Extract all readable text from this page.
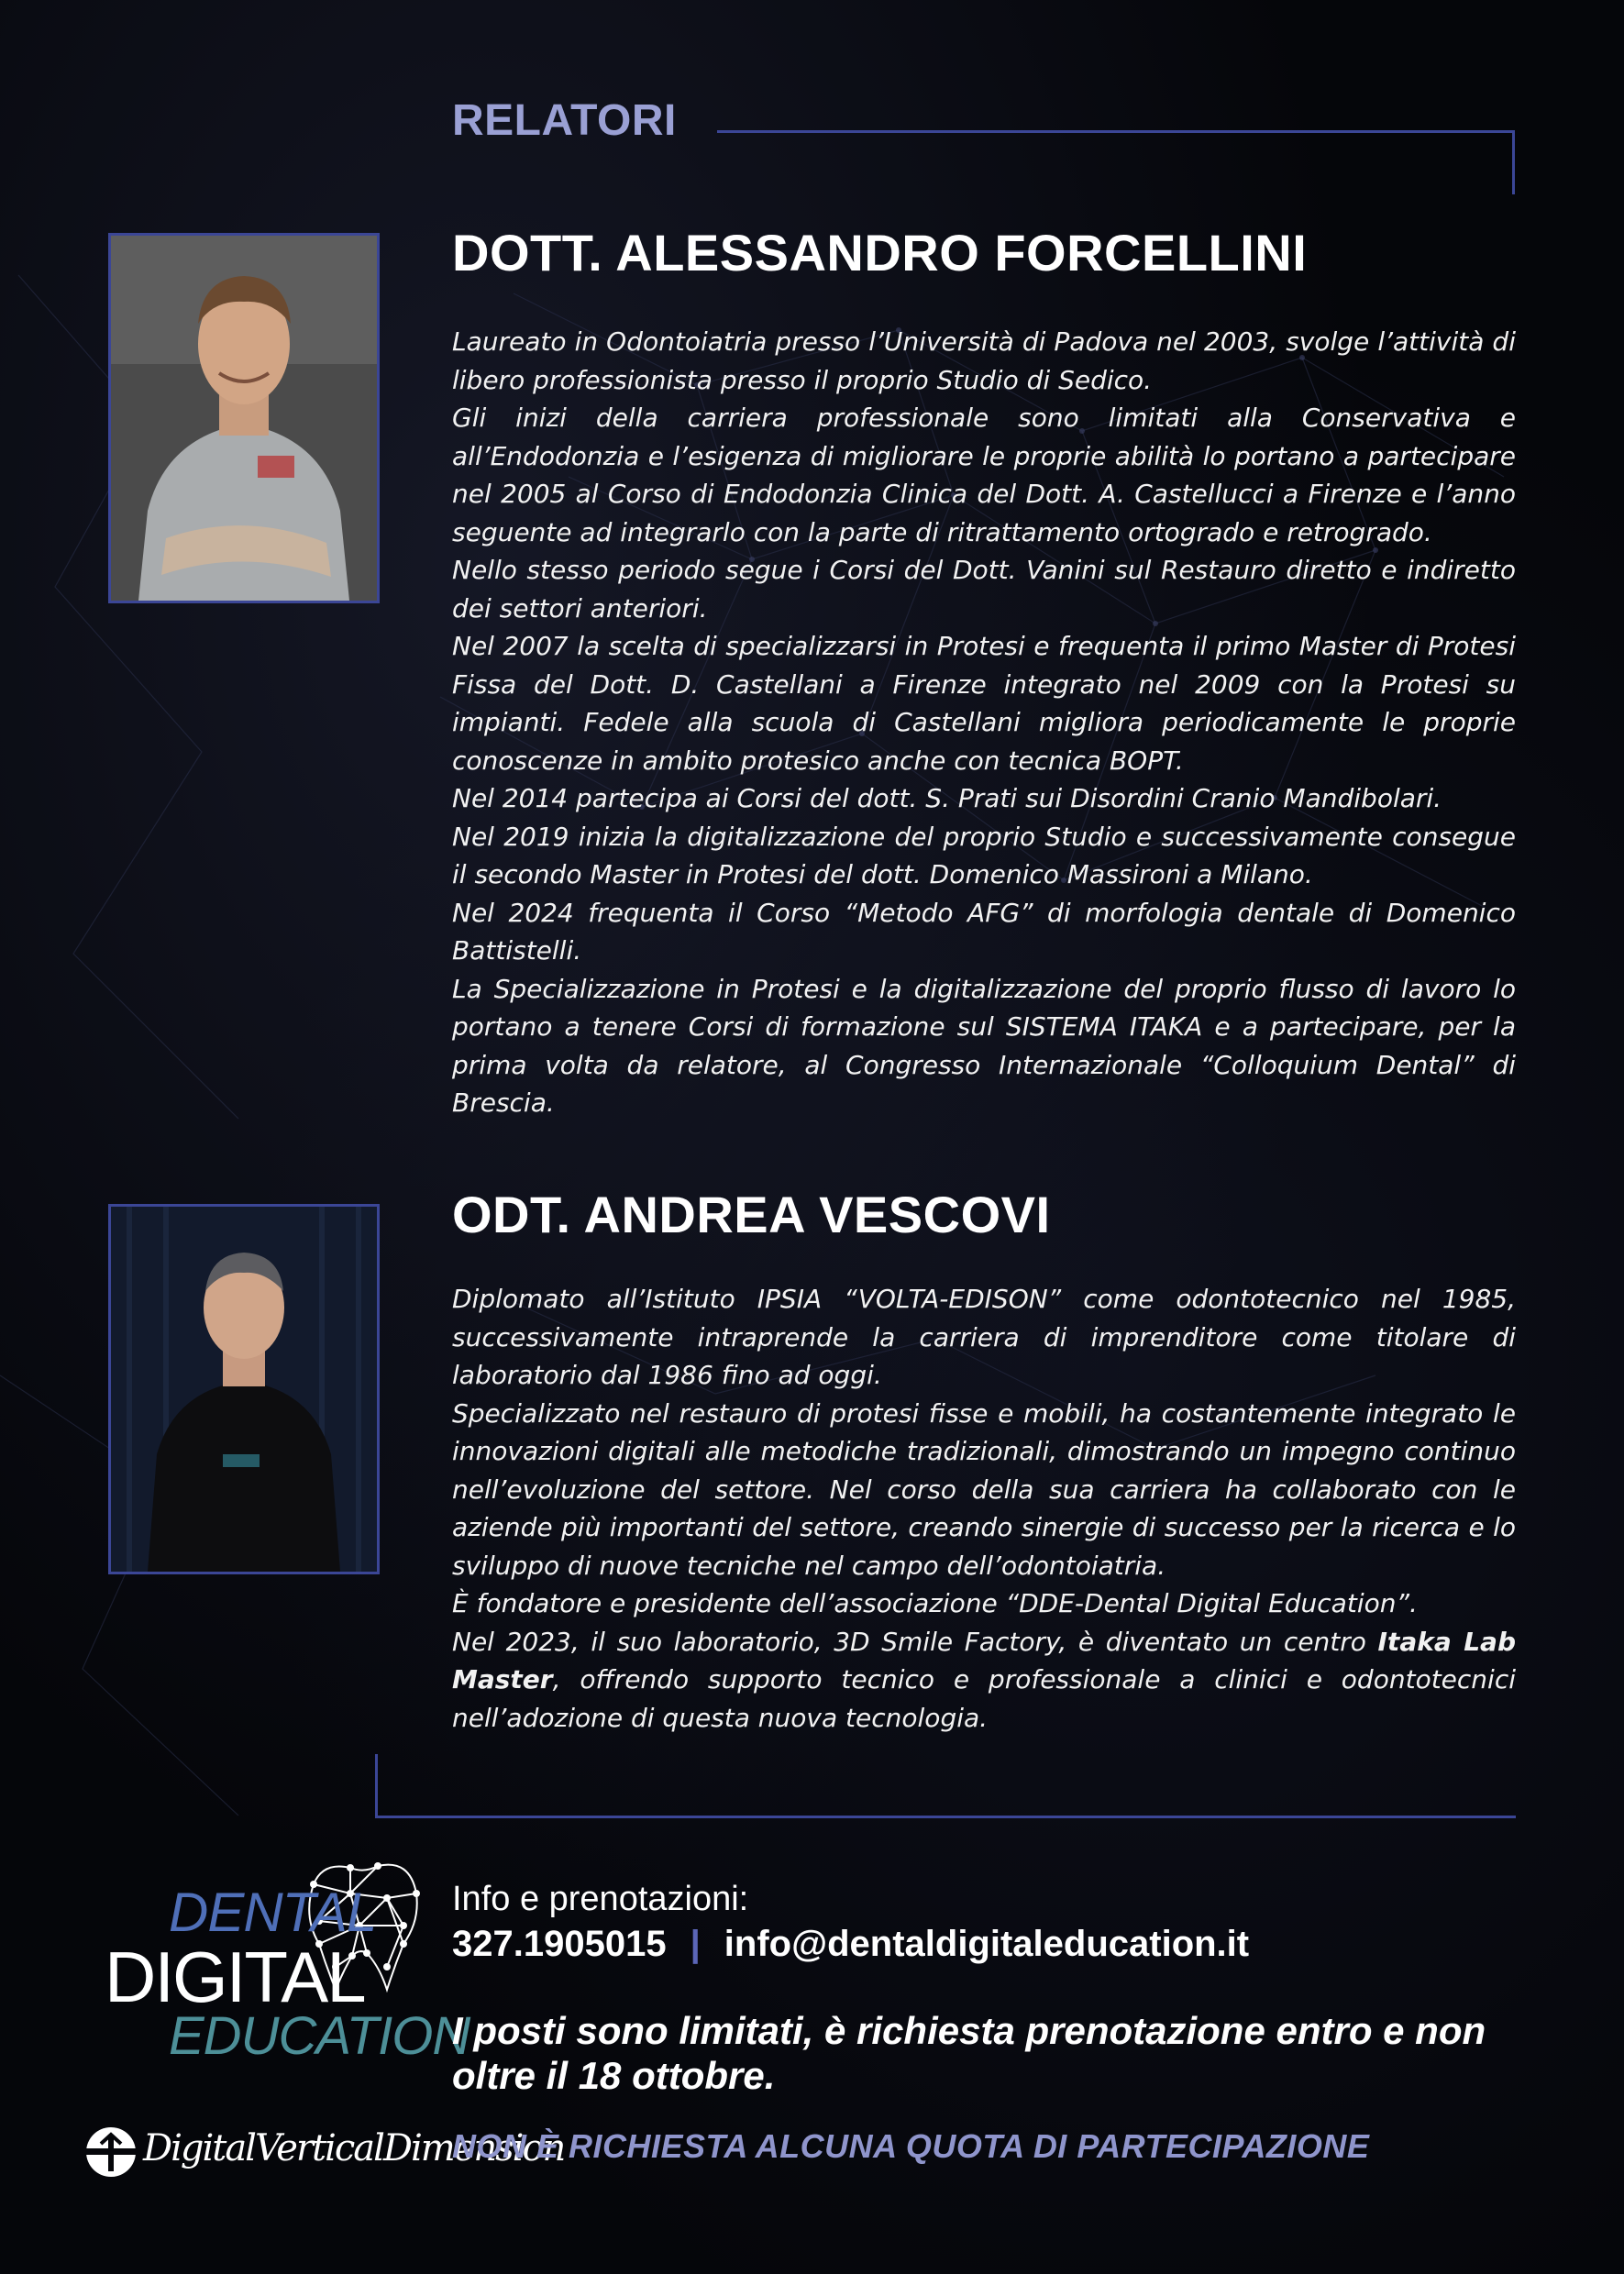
RELATORI
DOTT. ALESSANDRO FORCELLINI

Laureato in Odontoiatria presso l’Università di Padova nel 2003, svolge l’attività di libero professionista presso il proprio Studio di Sedico.

Gli inizi della carriera professionale sono limitati alla Conservativa e all’Endodonzia e l’esigenza di migliorare le proprie abilità lo portano a partecipare nel 2005 al Corso di Endodonzia Clinica del Dott. A. Castellucci a Firenze e l’anno seguente ad integrarlo con la parte di ritrattamento ortogrado e retrogrado.

Nello stesso periodo segue i Corsi del Dott. Vanini sul Restauro diretto e indiretto dei settori anteriori.

Nel 2007 la scelta di specializzarsi in Protesi e frequenta il primo Master di Protesi Fissa del Dott. D. Castellani a Firenze integrato nel 2009 con la Protesi su impianti. Fedele alla scuola di Castellani migliora periodicamente le proprie conoscenze in ambito protesico anche con tecnica BOPT.

Nel 2014 partecipa ai Corsi del dott. S. Prati sui Disordini Cranio Mandibolari.

Nel 2019 inizia la digitalizzazione del proprio Studio e successivamente consegue il secondo Master in Protesi del dott. Domenico Massironi a Milano.

Nel 2024 frequenta il Corso “Metodo AFG” di morfologia dentale di Domenico Battistelli.

La Specializzazione in Protesi e la digitalizzazione del proprio flusso di lavoro lo portano a tenere Corsi di formazione sul SISTEMA ITAKA e a partecipare, per la prima volta da relatore, al Congresso Internazionale “Colloquium Dental” di Brescia.

ODT. ANDREA VESCOVI

Diplomato all’Istituto IPSIA “VOLTA-EDISON” come odontotecnico nel 1985, successivamente intraprende la carriera di imprenditore come titolare di laboratorio dal 1986 fino ad oggi.

Specializzato nel restauro di protesi fisse e mobili, ha costantemente integrato le innovazioni digitali alle metodiche tradizionali, dimostrando un impegno continuo nell’evoluzione del settore. Nel corso della sua carriera ha collaborato con le aziende più importanti del settore, creando sinergie di successo per la ricerca e lo sviluppo di nuove tecniche nel campo dell’odontoiatria.

È fondatore e presidente dell’associazione “DDE-Dental Digital Education”.

Nel 2023, il suo laboratorio, 3D Smile Factory, è diventato un centro Itaka Lab Master, offrendo supporto tecnico e professionale a clinici e odontotecnici nell’adozione di questa nuova tecnologia.

DENTAL
DIGITAL
EDUCATION
DigitalVerticalDimension
Info e prenotazioni:
327.1905015 | info@dentaldigitaleducation.it
I posti sono limitati, è richiesta prenotazione entro e non oltre il 18 ottobre.
NON È RICHIESTA ALCUNA QUOTA DI PARTECIPAZIONE
